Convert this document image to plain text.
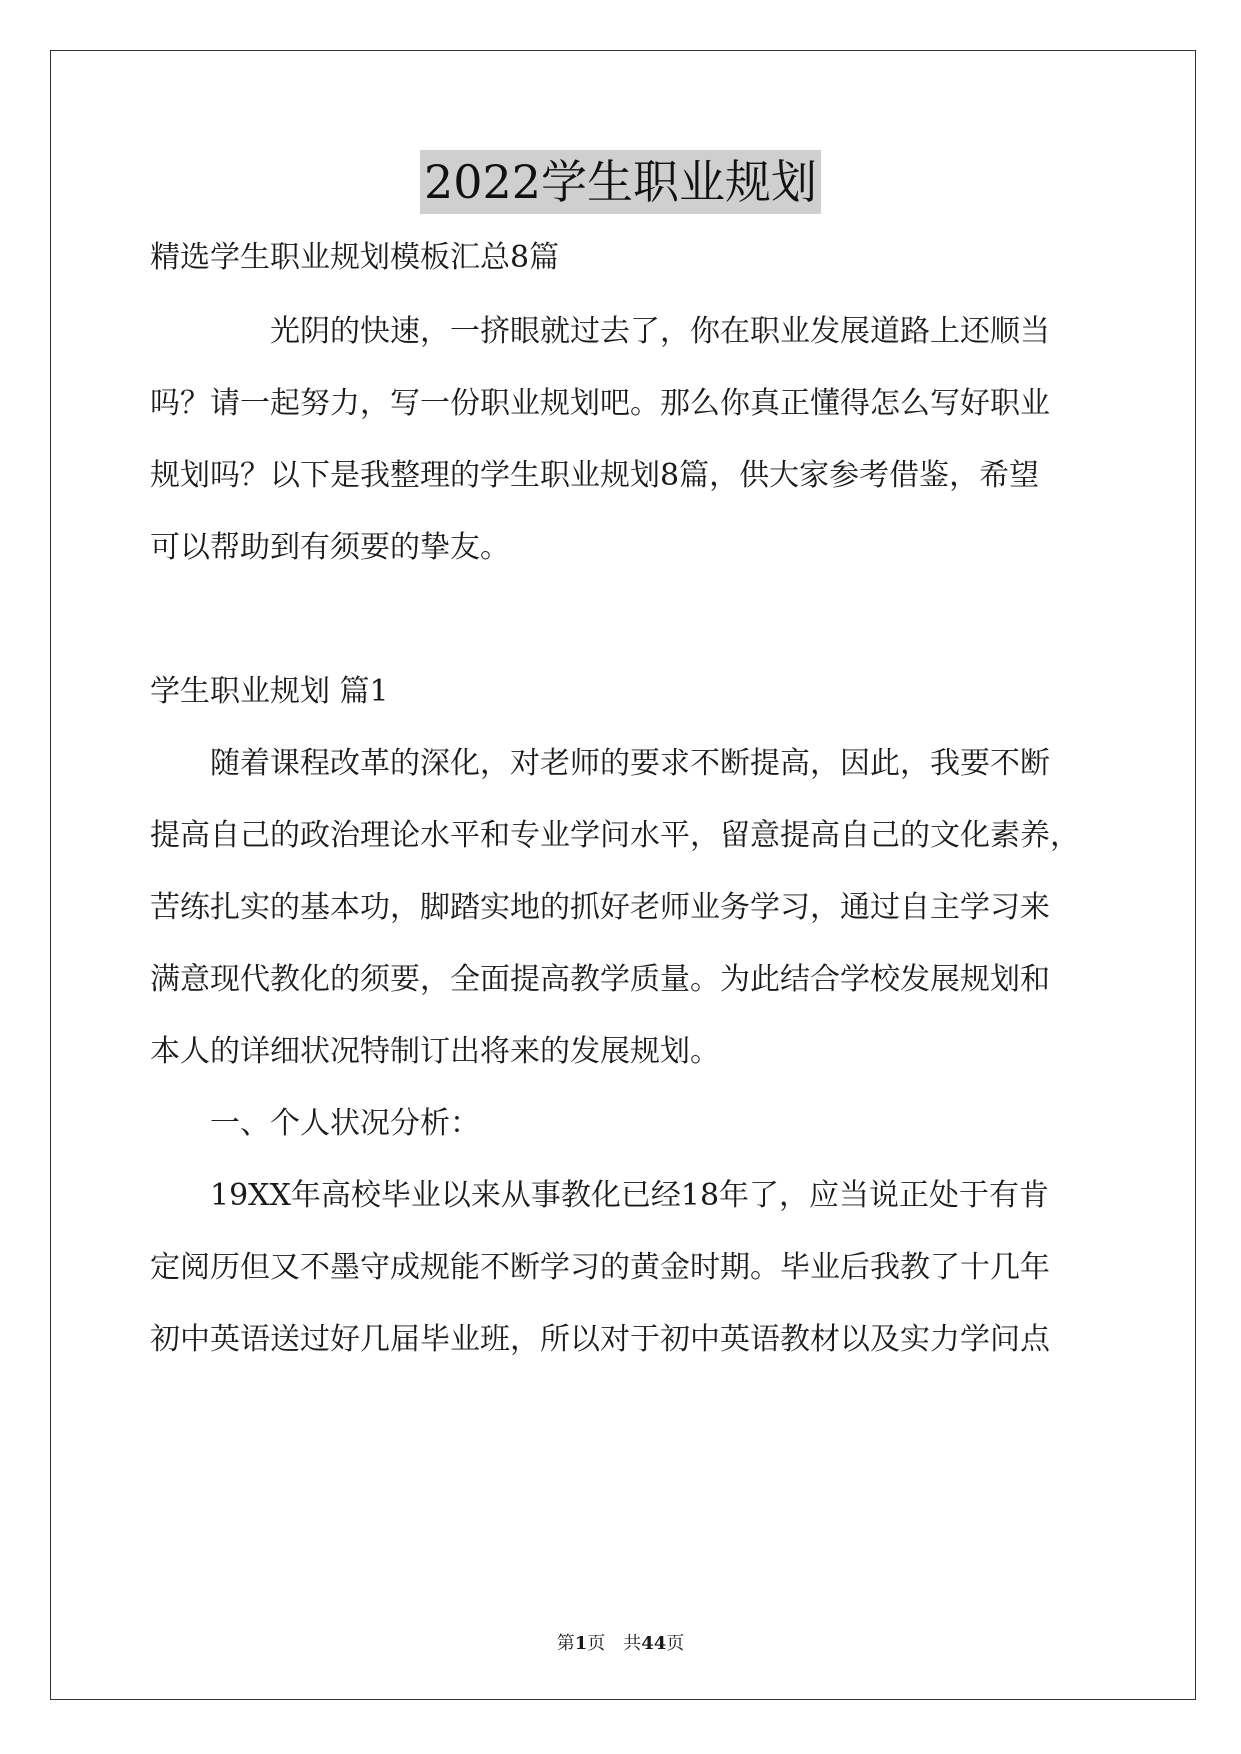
2022学生职业规划
精选学生职业规划模板汇总8篇
光阴的快速，一挤眼就过去了，你在职业发展道路上还顺当
吗？请一起努力，写一份职业规划吧。那么你真正懂得怎么写好职业
规划吗？以下是我整理的学生职业规划8篇，供大家参考借鉴，希望
可以帮助到有须要的挚友。
学生职业规划 篇1
随着课程改革的深化，对老师的要求不断提高，因此，我要不断
提高自己的政治理论水平和专业学问水平，留意提高自己的文化素养，
苦练扎实的基本功，脚踏实地的抓好老师业务学习，通过自主学习来
满意现代教化的须要，全面提高教学质量。为此结合学校发展规划和
本人的详细状况特制订出将来的发展规划。
一、个人状况分析：
19XX年高校毕业以来从事教化已经18年了，应当说正处于有肯
定阅历但又不墨守成规能不断学习的黄金时期。毕业后我教了十几年
初中英语送过好几届毕业班，所以对于初中英语教材以及实力学问点
第1页　共44页
